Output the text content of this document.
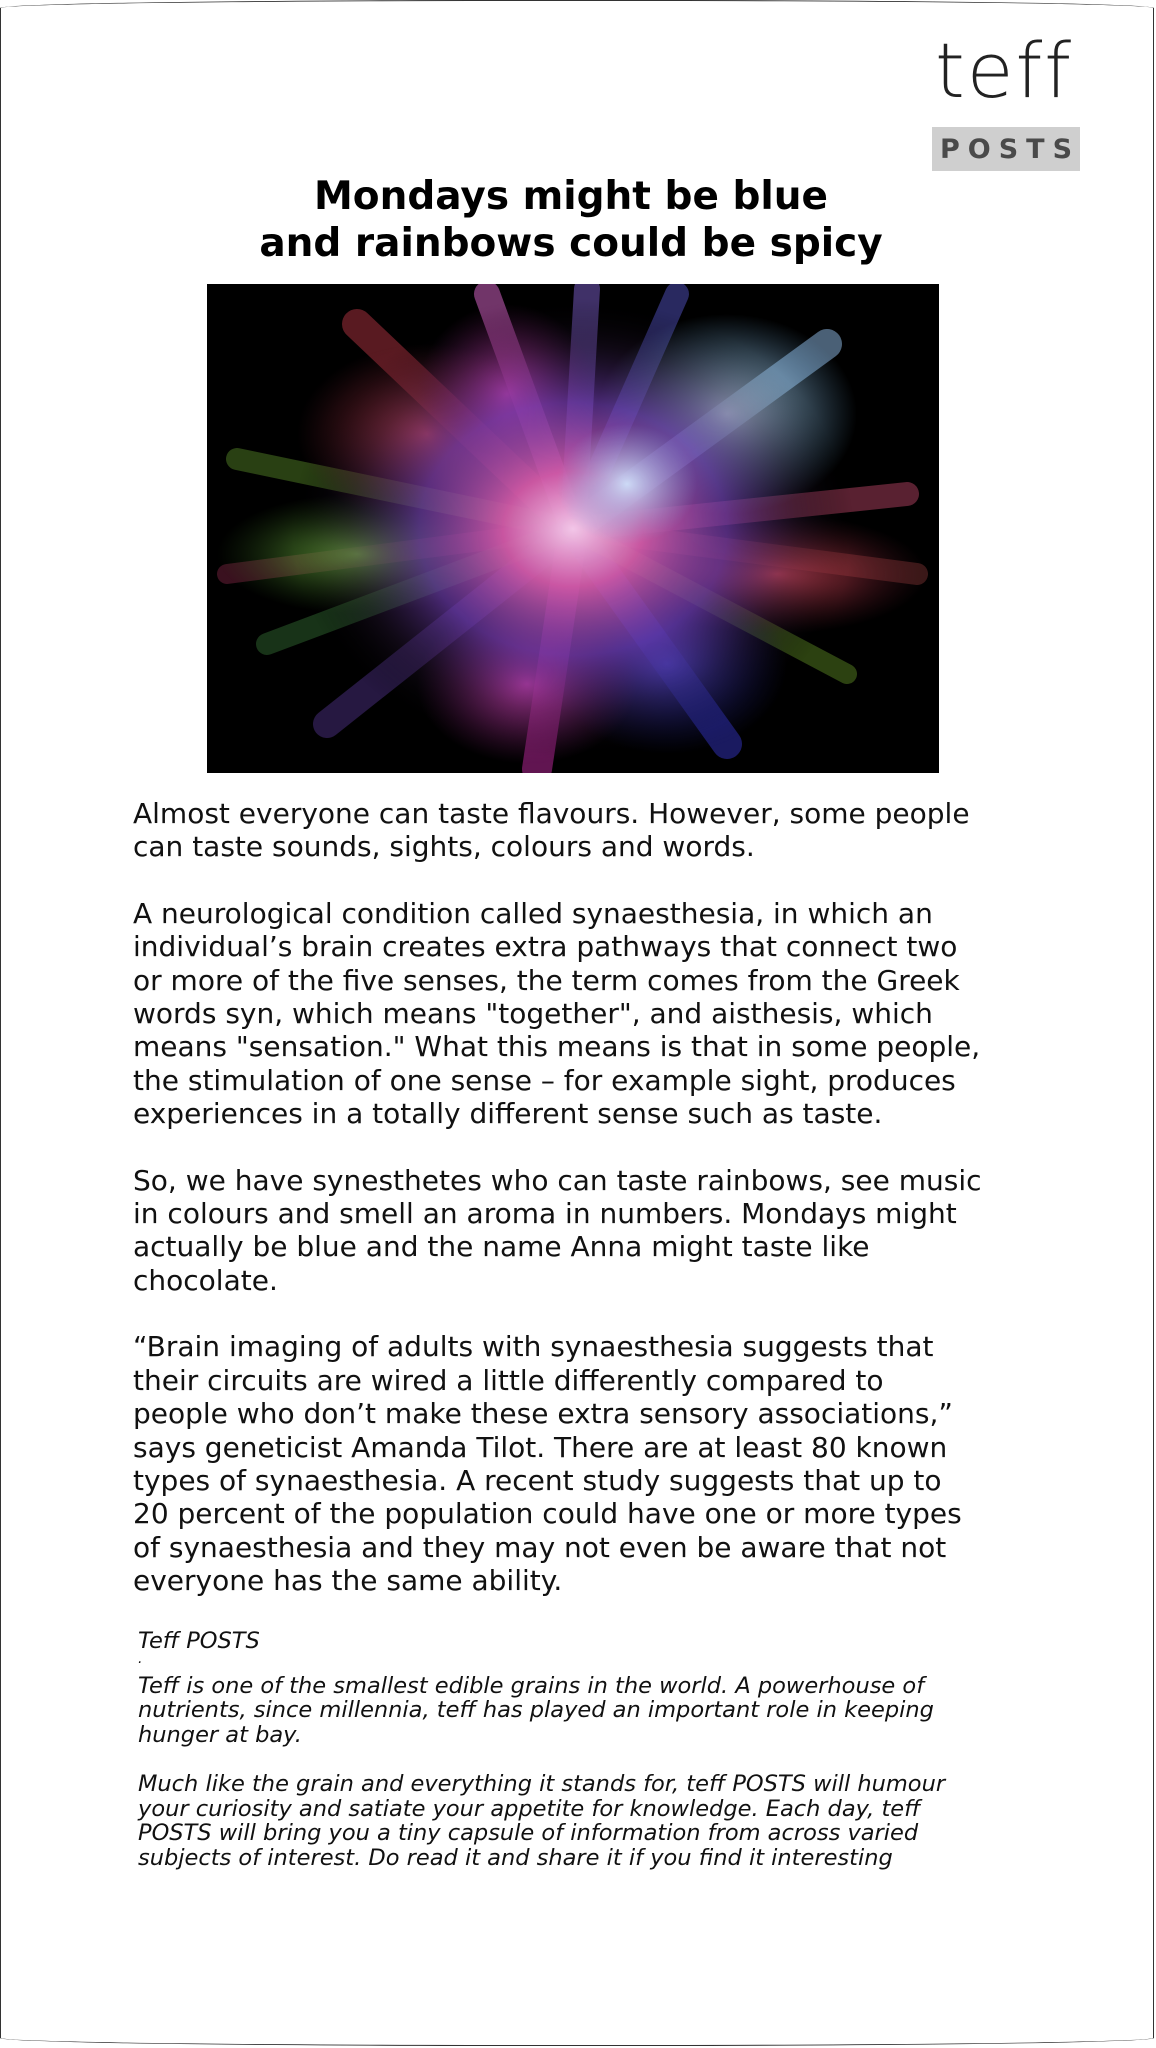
teff
POSTS
Mondays might be blue
and rainbows could be spicy

Almost everyone can taste flavours. However, some people
can taste sounds, sights, colours and words.

A neurological condition called synaesthesia, in which an
individual’s brain creates extra pathways that connect two
or more of the five senses, the term comes from the Greek
words syn, which means "together", and aisthesis, which
means "sensation." What this means is that in some people,
the stimulation of one sense – for example sight, produces
experiences in a totally different sense such as taste.

So, we have synesthetes who can taste rainbows, see music
in colours and smell an aroma in numbers. Mondays might
actually be blue and the name Anna might taste like
chocolate.

“Brain imaging of adults with synaesthesia suggests that
their circuits are wired a little differently compared to
people who don’t make these extra sensory associations,”
says geneticist Amanda Tilot. There are at least 80 known
types of synaesthesia. A recent study suggests that up to
20 percent of the population could have one or more types
of synaesthesia and they may not even be aware that not
everyone has the same ability.

Teff POSTS
.

Teff is one of the smallest edible grains in the world. A powerhouse of
nutrients, since millennia, teff has played an important role in keeping
hunger at bay.

Much like the grain and everything it stands for, teff POSTS will humour
your curiosity and satiate your appetite for knowledge. Each day, teff
POSTS will bring you a tiny capsule of information from across varied
subjects of interest. Do read it and share it if you find it interesting
